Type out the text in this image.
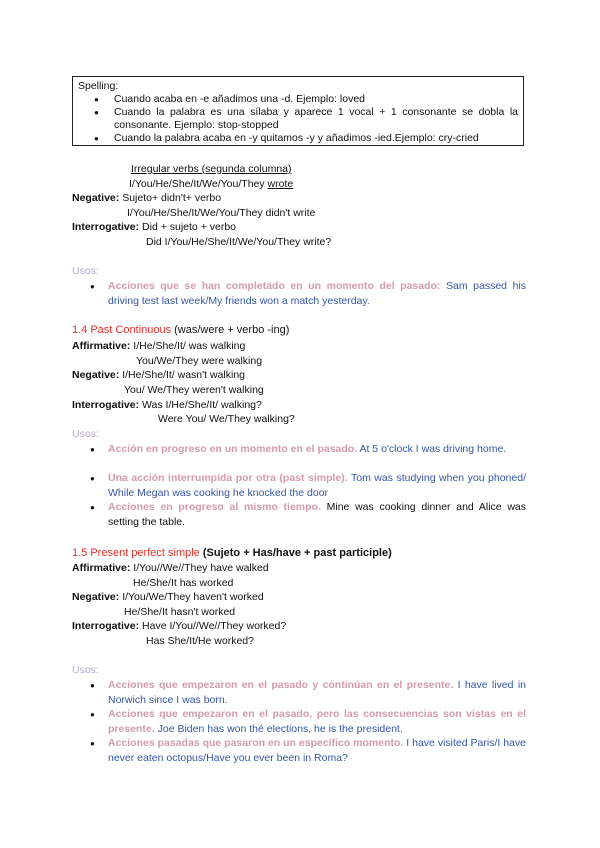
Spelling:
● Cuando acaba en -e añadimos una -d. Ejemplo: loved
● Cuando la palabra es una sílaba y aparece 1 vocal + 1 consonante se dobla la consonante. Ejemplo: stop-stopped
● Cuando la palabra acaba en -y quitamos -y y añadimos -ied.Ejemplo: cry-cried
Irregular verbs (segunda columna)
I/You/He/She/It/We/You/They wrote
Negative: Sujeto+ didn't+ verbo
I/You/He/She/It/We/You/They didn't write
Interrogative: Did + sujeto + verbo
Did I/You/He/She/It/We/You/They write?
Usos:
● Acciones que se han completado en un momento del pasado: Sam passed his driving test last week/My friends won a match yesterday.
1.4 Past Continuous (was/were + verbo -ing)
Affirmative: I/He/She/It/ was walking
You/We/They were walking
Negative: I/He/She/It/ wasn't walking
You/ We/They weren't walking
Interrogative: Was I/He/She/It/ walking?
Were You/ We/They walking?
Usos:
● Acción en progreso en un momento en el pasado. At 5 o'clock I was driving home.
● Una acción interrumpida por otra (past simple). Tom was studying when you phoned/ While Megan was cooking he knocked the door
● Acciones en progreso al mismo tiempo. Mine was cooking dinner and Alice was setting the table.
1.5 Present perfect simple (Sujeto + Has/have + past participle)
Affirmative: I/You//We//They have walked
He/She/It has worked
Negative: I/You/We/They haven't worked
He/She/It hasn't worked
Interrogative: Have I/You//We//They worked?
Has She/It/He worked?
Usos:
● Acciones que empezaron en el pasado y continúan en el presente. I have lived in Norwich since I was born.
● Acciones que empezaron en el pasado, pero las consecuencias son vistas en el presente. Joe Biden has won thé elections, he is the president.
● Acciones pasadas que pasaron en un específico momento. I have visited Paris/I have never eaten octopus/Have you ever been in Roma?
